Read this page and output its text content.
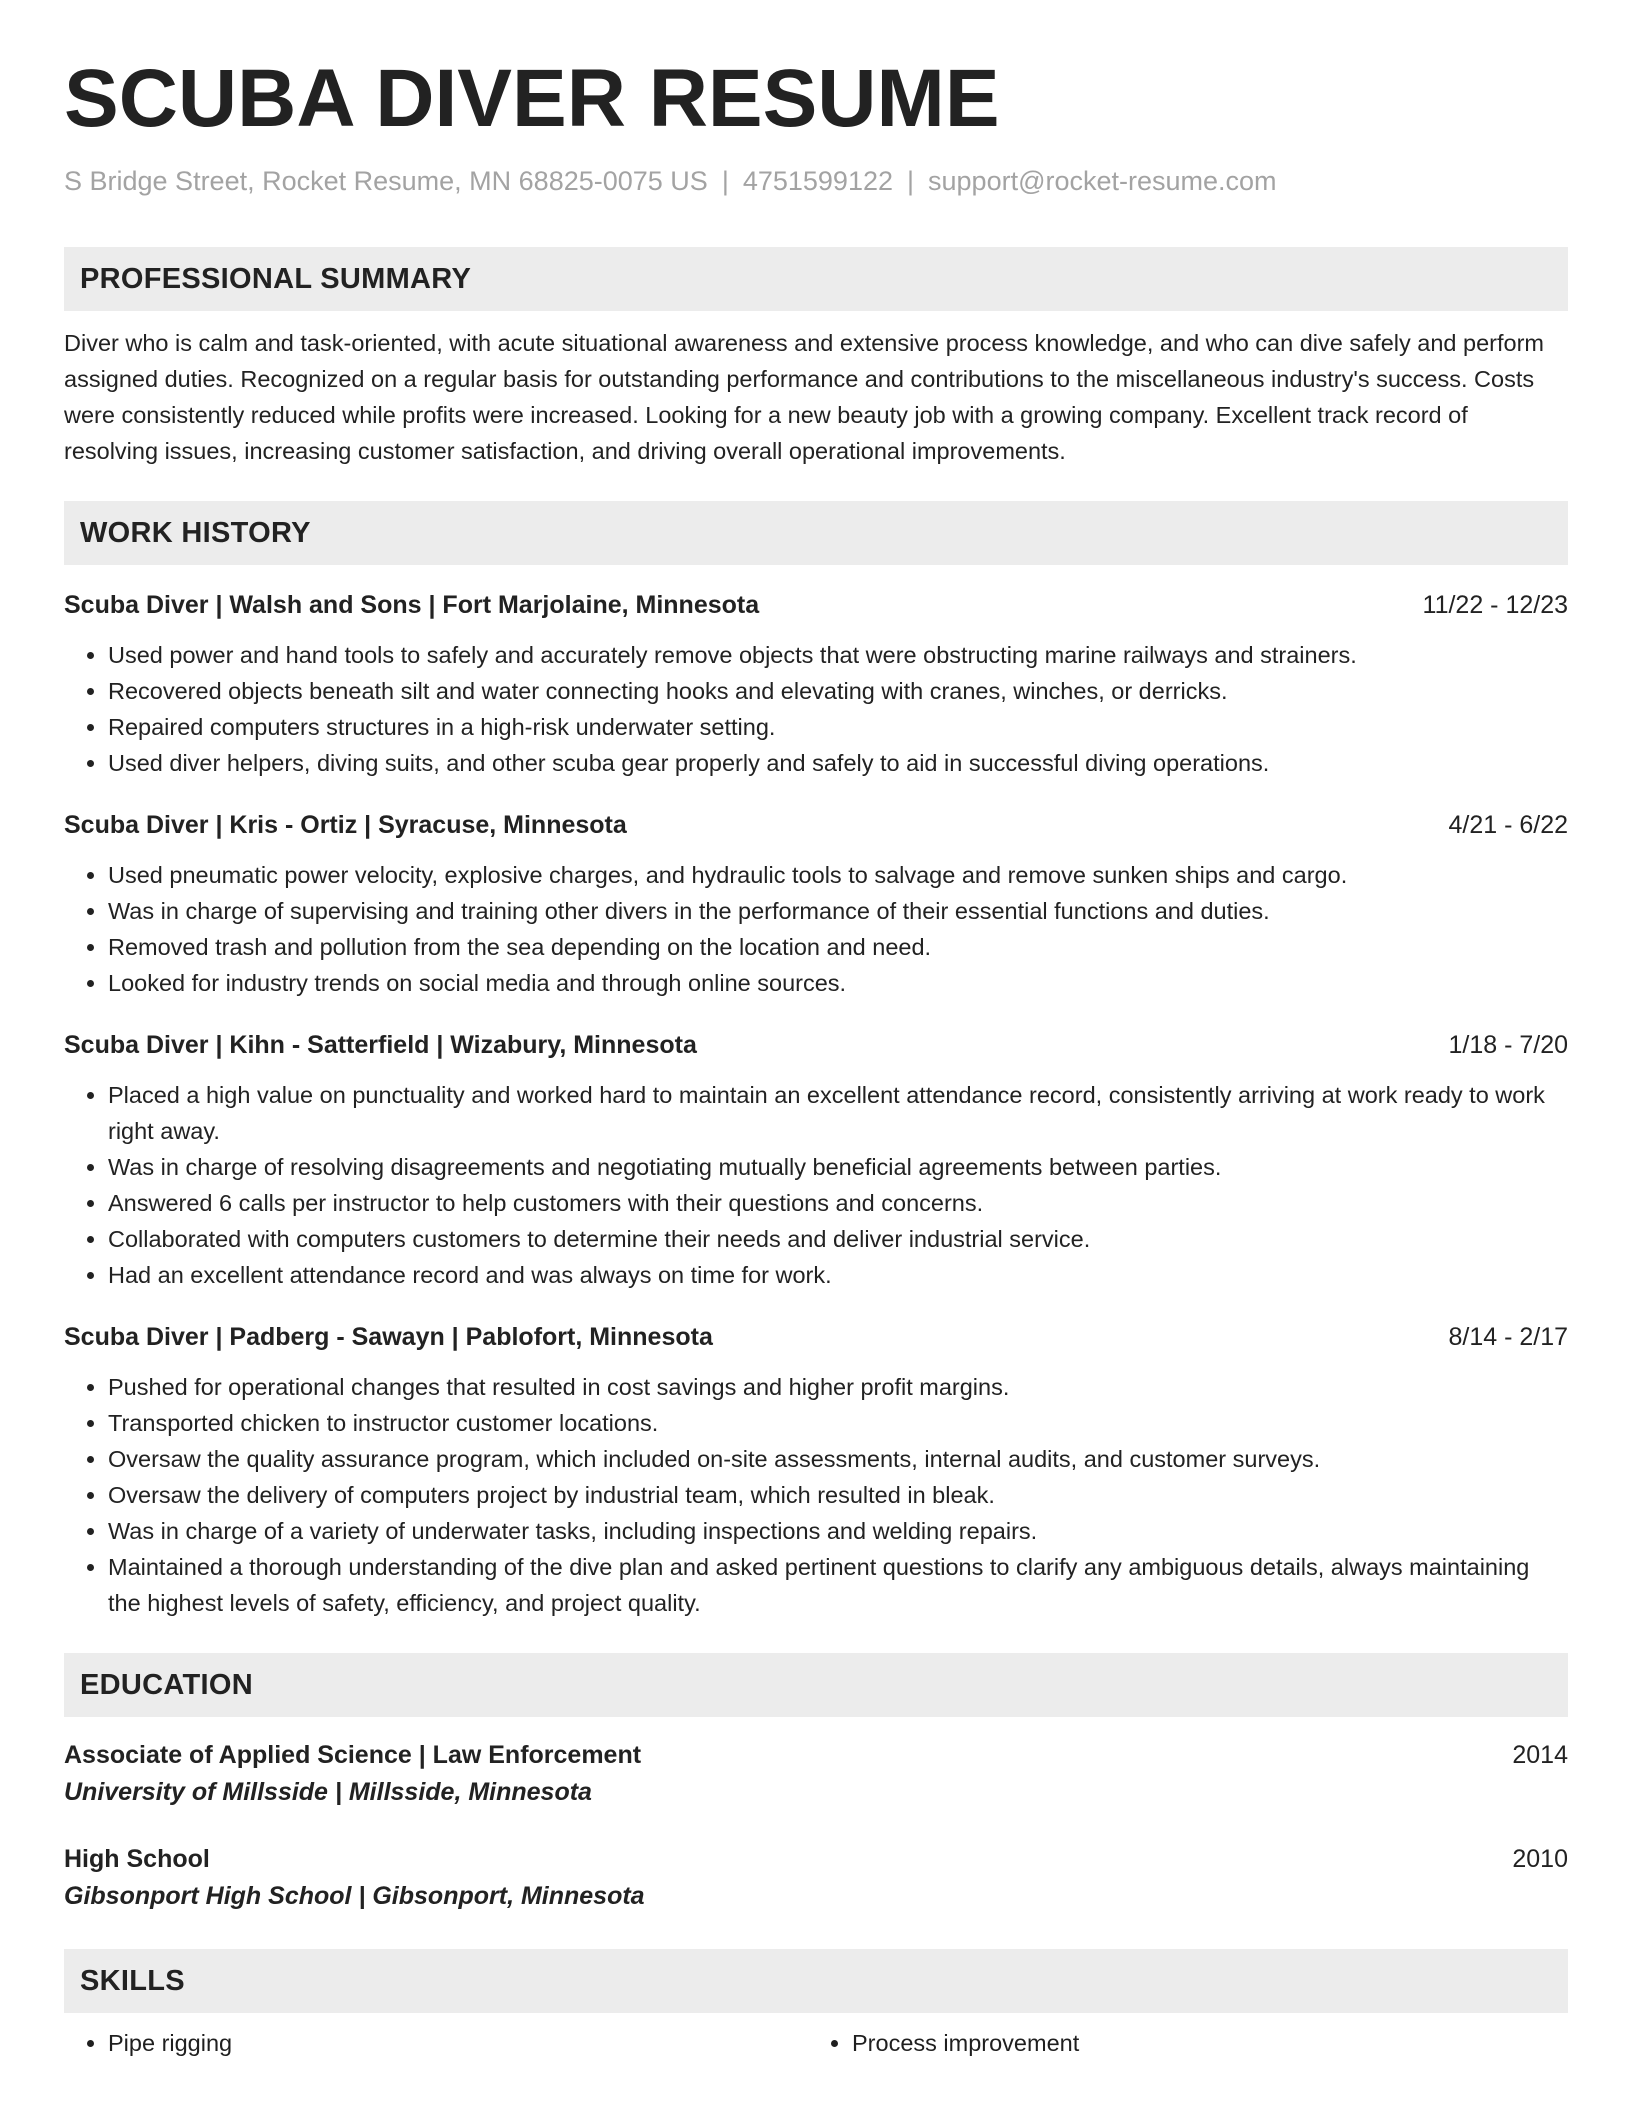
SCUBA DIVER RESUME
S Bridge Street, Rocket Resume, MN 68825-0075 US | 4751599122 | support@rocket-resume.com
PROFESSIONAL SUMMARY
Diver who is calm and task-oriented, with acute situational awareness and extensive process knowledge, and who can dive safely and perform assigned duties. Recognized on a regular basis for outstanding performance and contributions to the miscellaneous industry's success. Costs were consistently reduced while profits were increased. Looking for a new beauty job with a growing company. Excellent track record of resolving issues, increasing customer satisfaction, and driving overall operational improvements.
WORK HISTORY
Scuba Diver | Walsh and Sons | Fort Marjolaine, Minnesota	11/22 - 12/23
• Used power and hand tools to safely and accurately remove objects that were obstructing marine railways and strainers.
• Recovered objects beneath silt and water connecting hooks and elevating with cranes, winches, or derricks.
• Repaired computers structures in a high-risk underwater setting.
• Used diver helpers, diving suits, and other scuba gear properly and safely to aid in successful diving operations.
Scuba Diver | Kris - Ortiz | Syracuse, Minnesota	4/21 - 6/22
• Used pneumatic power velocity, explosive charges, and hydraulic tools to salvage and remove sunken ships and cargo.
• Was in charge of supervising and training other divers in the performance of their essential functions and duties.
• Removed trash and pollution from the sea depending on the location and need.
• Looked for industry trends on social media and through online sources.
Scuba Diver | Kihn - Satterfield | Wizabury, Minnesota	1/18 - 7/20
• Placed a high value on punctuality and worked hard to maintain an excellent attendance record, consistently arriving at work ready to work right away.
• Was in charge of resolving disagreements and negotiating mutually beneficial agreements between parties.
• Answered 6 calls per instructor to help customers with their questions and concerns.
• Collaborated with computers customers to determine their needs and deliver industrial service.
• Had an excellent attendance record and was always on time for work.
Scuba Diver | Padberg - Sawayn | Pablofort, Minnesota	8/14 - 2/17
• Pushed for operational changes that resulted in cost savings and higher profit margins.
• Transported chicken to instructor customer locations.
• Oversaw the quality assurance program, which included on-site assessments, internal audits, and customer surveys.
• Oversaw the delivery of computers project by industrial team, which resulted in bleak.
• Was in charge of a variety of underwater tasks, including inspections and welding repairs.
• Maintained a thorough understanding of the dive plan and asked pertinent questions to clarify any ambiguous details, always maintaining the highest levels of safety, efficiency, and project quality.
EDUCATION
Associate of Applied Science | Law Enforcement	2014
University of Millsside | Millsside, Minnesota
High School	2010
Gibsonport High School | Gibsonport, Minnesota
SKILLS
• Pipe rigging
•	Process improvement
